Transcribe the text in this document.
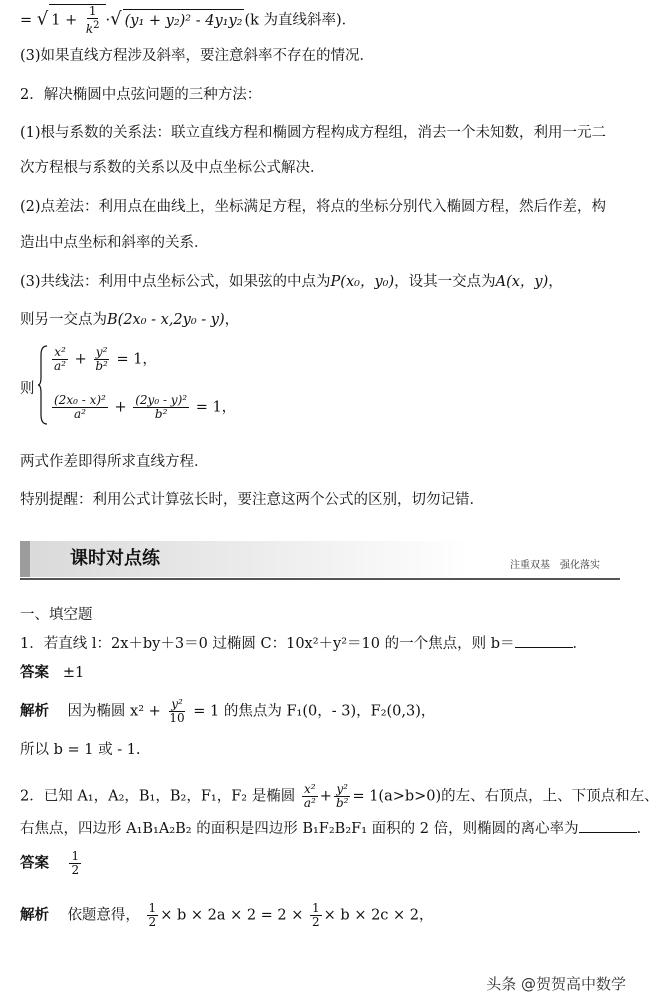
= √ $1 + \frac{1}{k^2}$ ·√ (y₁ + y₂)² - 4y₁y₂ (k 为直线斜率)．
(3)如果直线方程涉及斜率，要注意斜率不存在的情况．
2．解决椭圆中点弦问题的三种方法：
(1)根与系数的关系法：联立直线方程和椭圆方程构成方程组，消去一个未知数，利用一元二
次方程根与系数的关系以及中点坐标公式解决．
(2)点差法：利用点在曲线上，坐标满足方程，将点的坐标分别代入椭圆方程，然后作差，构
造出中点坐标和斜率的关系．
(3)共线法：利用中点坐标公式，如果弦的中点为P(x₀，y₀)，设其一交点为A(x，y)，
则另一交点为B(2x₀ - x,2y₀ - y)，
则
$\frac{\text{x²}}{\text{a²}} + \frac{\text{y²}}{\text{b²}} = 1$，
$\frac{\text{(2x₀ - x)²}}{\text{a²}} + \frac{\text{(2y₀ - y)²}}{\text{b²}} = 1$，
两式作差即得所求直线方程．
特别提醒：利用公式计算弦长时，要注意这两个公式的区别，切勿记错．
课时对点练	注重双基　强化落实
一、填空题
1．若直线 l：2x＋by＋3＝0 过椭圆 C：10x²＋y²＝10 的一个焦点，则 b＝	．
答案 ±1
解析 因为椭圆 $x^2 + \frac{\text{y²}}{10} = 1$ 的焦点为 F₁(0，- 3)，F₂(0,3)，
所以 b = 1 或 - 1.
2．已知 A₁，A₂，B₁，B₂，F₁，F₂ 是椭圆 $\frac{\text{x²}}{\text{a²}} + \frac{\text{y²}}{\text{b²}} = 1(a>b>0)$的左、右顶点，上、下顶点和左、
右焦点，四边形 A₁B₁A₂B₂ 的面积是四边形 B₁F₂B₂F₁ 面积的 2 倍，则椭圆的离心率为	．
答案 $\frac{1}{2}$
解析 依题意得， $\frac{1}{2} \times b \times 2a \times 2 = 2 \times \frac{1}{2} \times b \times 2c \times 2$，
头条 @贺贺高中数学
